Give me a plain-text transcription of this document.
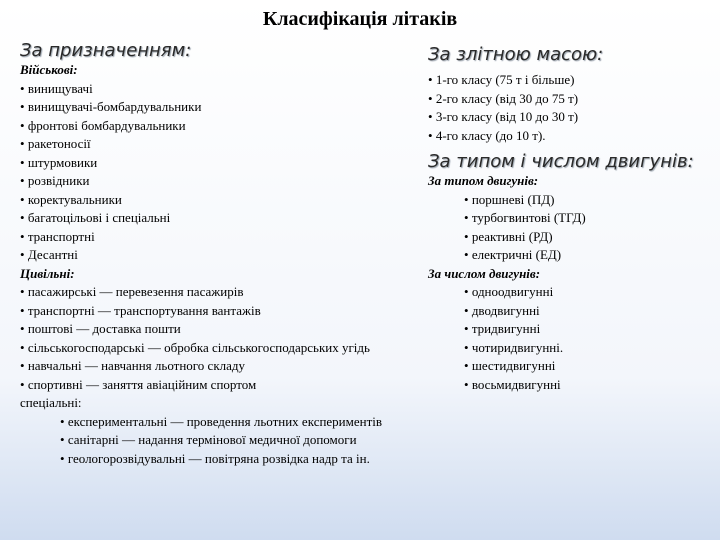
Класифікація літаків
За призначенням:
Військові:
• винищувачі
• винищувачі-бомбардувальники
• фронтові бомбардувальники
• ракетоносії
• штурмовики
• розвідники
• коректувальники
• багатоцільові і спеціальні
• транспортні
• Десантні
Цивільні:
• пасажирські — перевезення пасажирів
• транспортні — транспортування вантажів
• поштові — доставка пошти
• сільськогосподарські — обробка сільськогосподарських угідь
• навчальні — навчання льотного складу
• спортивні — заняття авіаційним спортом
спеціальні:
• експериментальні — проведення льотних експериментів
• санітарні — надання термінової медичної допомоги
• геологорозвідувальні — повітряна розвідка надр та ін.
За злітною масою:
• 1-го класу (75 т і більше)
• 2-го класу (від 30 до 75 т)
• 3-го класу (від 10 до 30 т)
• 4-го класу (до 10 т).
За типом і числом двигунів:
За типом двигунів:
• поршневі (ПД)
• турбогвинтові (ТГД)
• реактивні (РД)
• електричні (ЕД)
За числом двигунів:
• одноодвигунні
• дводвигунні
• тридвигунні
• чотиридвигунні.
• шестидвигунні
• восьмидвигунні
